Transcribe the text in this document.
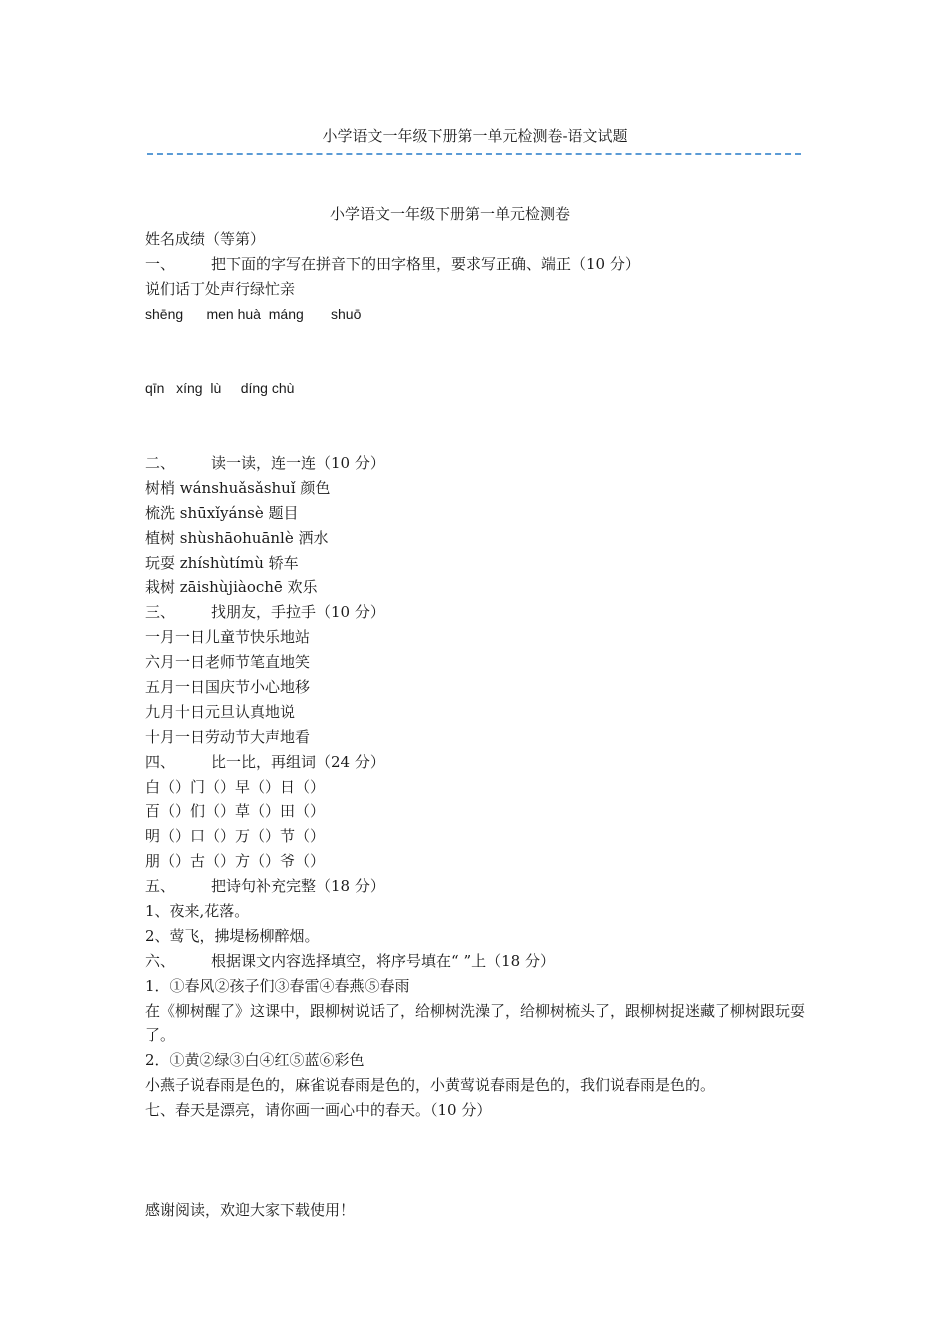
小学语文一年级下册第一单元检测卷-语文试题
小学语文一年级下册第一单元检测卷
姓名成绩（等第）
一、 把下面的字写在拼音下的田字格里，要求写正确、端正（10 分）
说们话丁处声行绿忙亲
shēng      men huà  máng       shuō
qīn   xíng  lù     díng chù
二、 读一读，连一连（10 分）
树梢 wánshuǎsǎshuǐ 颜色
梳洗 shūxǐyánsè 题目
植树 shùshāohuānlè 洒水
玩耍 zhíshùtímù 轿车
栽树 zāishùjiàochē 欢乐
三、 找朋友，手拉手（10 分）
一月一日儿童节快乐地站
六月一日老师节笔直地笑
五月一日国庆节小心地移
九月十日元旦认真地说
十月一日劳动节大声地看
四、 比一比，再组词（24 分）
白（）门（）早（）日（）
百（）们（）草（）田（）
明（）口（）万（）节（）
朋（）古（）方（）爷（）
五、 把诗句补充完整（18 分）
1、夜来,花落。
2、莺飞，拂堤杨柳醉烟。
六、 根据课文内容选择填空，将序号填在“ ”上（18 分）
1．①春风②孩子们③春雷④春燕⑤春雨
在《柳树醒了》这课中，跟柳树说话了，给柳树洗澡了，给柳树梳头了，跟柳树捉迷藏了柳树跟玩耍了。
2．①黄②绿③白④红⑤蓝⑥彩色
小燕子说春雨是色的，麻雀说春雨是色的，小黄莺说春雨是色的，我们说春雨是色的。
七、春天是漂亮，请你画一画心中的春天。（10 分）
感谢阅读，欢迎大家下载使用！
